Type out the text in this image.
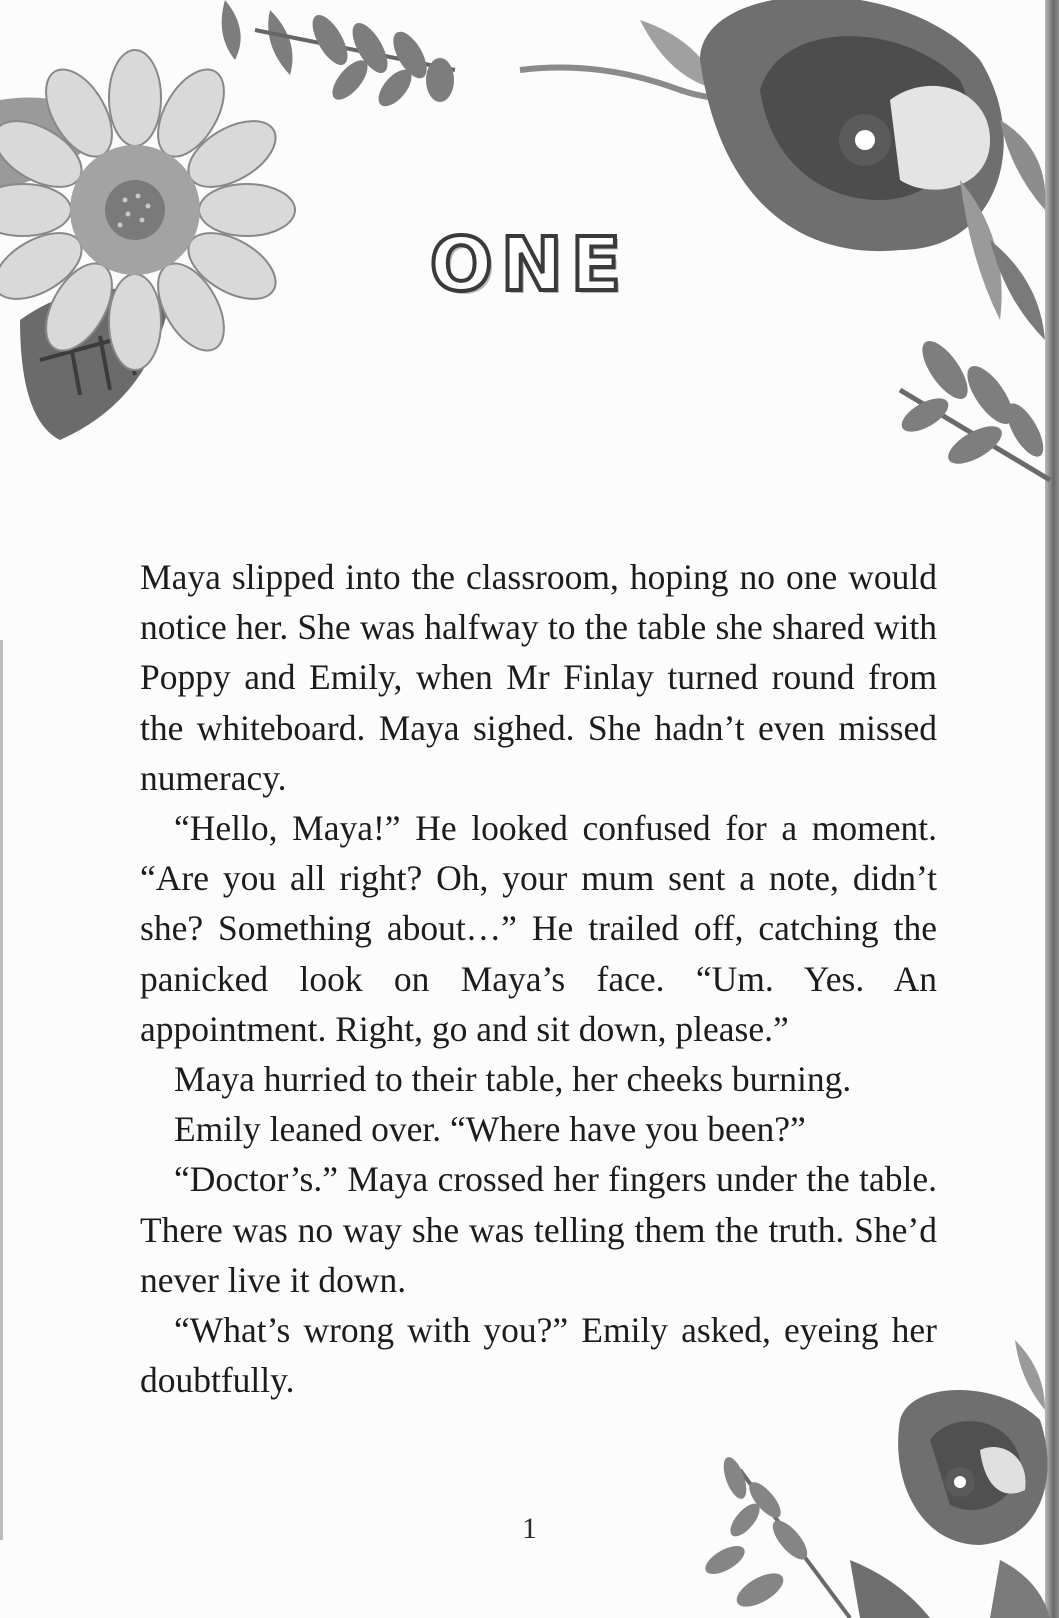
ONE

Maya slipped into the classroom, hoping no one would notice her. She was halfway to the table she shared with Poppy and Emily, when Mr Finlay turned round from the whiteboard. Maya sighed. She hadn’t even missed numeracy.

“Hello, Maya!” He looked confused for a moment. “Are you all right? Oh, your mum sent a note, didn’t she? Something about…” He trailed off, catching the panicked look on Maya’s face. “Um. Yes. An appointment. Right, go and sit down, please.”

Maya hurried to their table, her cheeks burning.

Emily leaned over. “Where have you been?”

“Doctor’s.” Maya crossed her fingers under the table. There was no way she was telling them the truth. She’d never live it down.

“What’s wrong with you?” Emily asked, eyeing her doubtfully.

1
